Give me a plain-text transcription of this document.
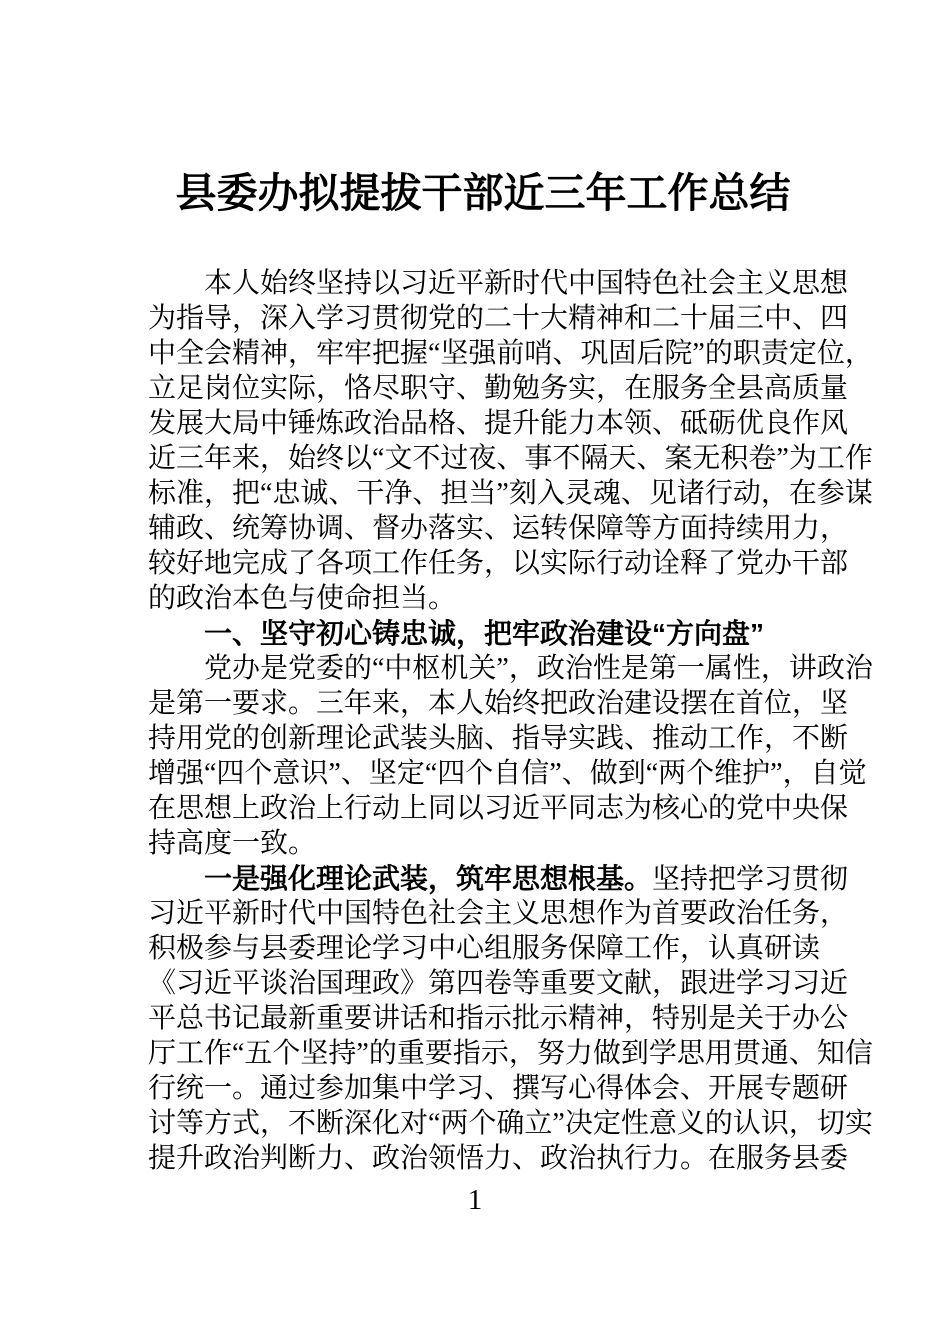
县委办拟提拔干部近三年工作总结
本人始终坚持以习近平新时代中国特色社会主义思想
为指导，深入学习贯彻党的二十大精神和二十届三中、四
中全会精神，牢牢把握“坚强前哨、巩固后院”的职责定位，
立足岗位实际，恪尽职守、勤勉务实，在服务全县高质量
发展大局中锤炼政治品格、提升能力本领、砥砺优良作风
近三年来，始终以“文不过夜、事不隔天、案无积卷”为工作
标准，把“忠诚、干净、担当”刻入灵魂、见诸行动，在参谋
辅政、统筹协调、督办落实、运转保障等方面持续用力，
较好地完成了各项工作任务，以实际行动诠释了党办干部
的政治本色与使命担当。
一、坚守初心铸忠诚，把牢政治建设“方向盘”
党办是党委的“中枢机关”，政治性是第一属性，讲政治
是第一要求。三年来，本人始终把政治建设摆在首位，坚
持用党的创新理论武装头脑、指导实践、推动工作，不断
增强“四个意识”、坚定“四个自信”、做到“两个维护”，自觉
在思想上政治上行动上同以习近平同志为核心的党中央保
持高度一致。
一是强化理论武装，筑牢思想根基。坚持把学习贯彻
习近平新时代中国特色社会主义思想作为首要政治任务，
积极参与县委理论学习中心组服务保障工作，认真研读
《习近平谈治国理政》第四卷等重要文献，跟进学习习近
平总书记最新重要讲话和指示批示精神，特别是关于办公
厅工作“五个坚持”的重要指示，努力做到学思用贯通、知信
行统一。通过参加集中学习、撰写心得体会、开展专题研
讨等方式，不断深化对“两个确立”决定性意义的认识，切实
提升政治判断力、政治领悟力、政治执行力。在服务县委
1
